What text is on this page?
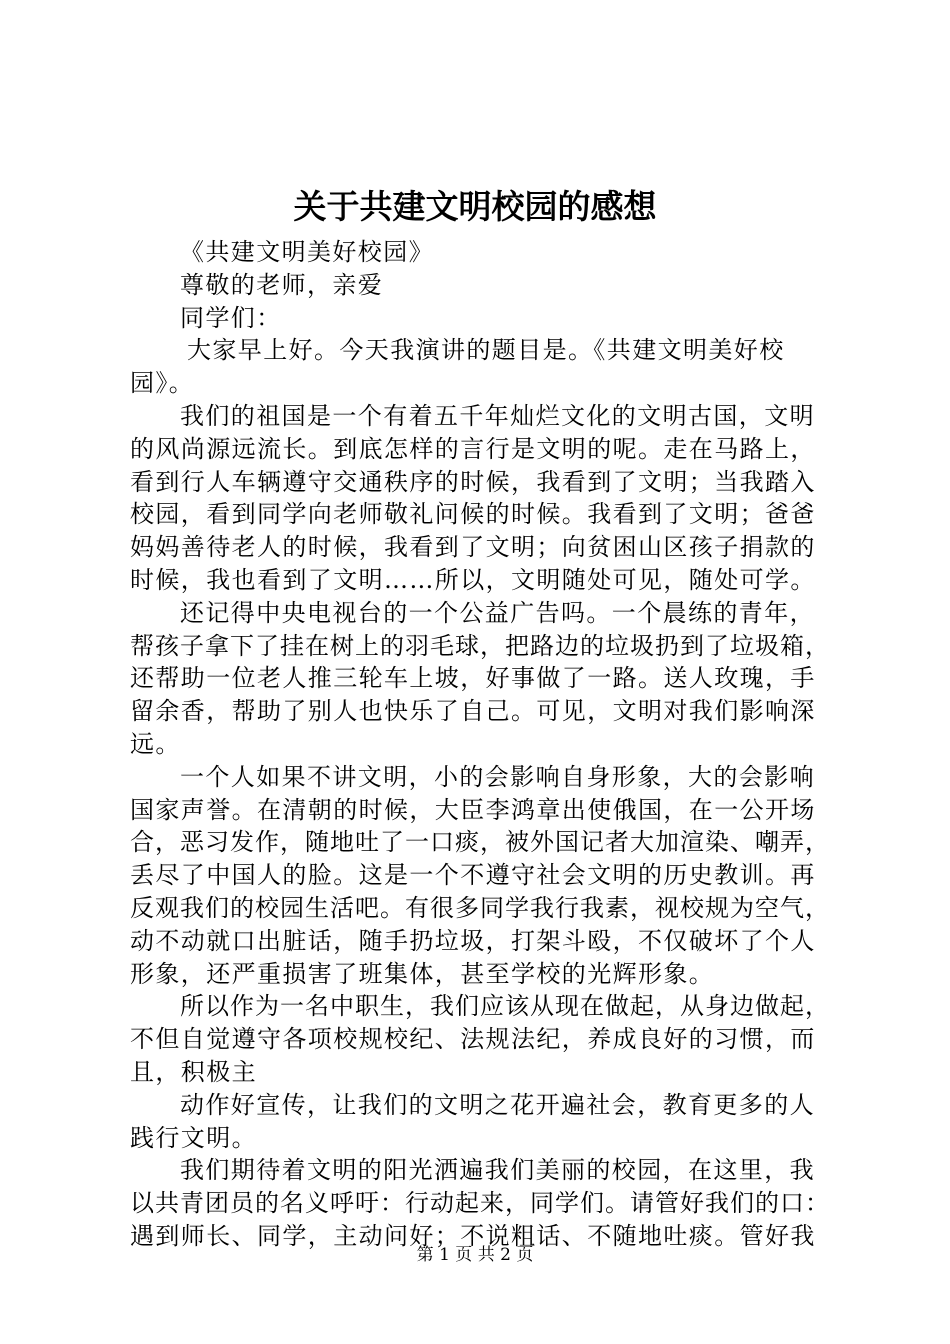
关于共建文明校园的感想
《共建文明美好校园》
尊敬的老师，亲爱
同学们：
大家早上好。今天我演讲的题目是。《共建文明美好校
园》。
我们的祖国是一个有着五千年灿烂文化的文明古国，文明
的风尚源远流长。到底怎样的言行是文明的呢。走在马路上，
看到行人车辆遵守交通秩序的时候，我看到了文明；当我踏入
校园，看到同学向老师敬礼问候的时候。我看到了文明；爸爸
妈妈善待老人的时候，我看到了文明；向贫困山区孩子捐款的
时候，我也看到了文明……所以，文明随处可见，随处可学。
还记得中央电视台的一个公益广告吗。一个晨练的青年，
帮孩子拿下了挂在树上的羽毛球，把路边的垃圾扔到了垃圾箱，
还帮助一位老人推三轮车上坡，好事做了一路。送人玫瑰，手
留余香，帮助了别人也快乐了自己。可见，文明对我们影响深
远。
一个人如果不讲文明，小的会影响自身形象，大的会影响
国家声誉。在清朝的时候，大臣李鸿章出使俄国，在一公开场
合，恶习发作，随地吐了一口痰，被外国记者大加渲染、嘲弄，
丢尽了中国人的脸。这是一个不遵守社会文明的历史教训。再
反观我们的校园生活吧。有很多同学我行我素，视校规为空气，
动不动就口出脏话，随手扔垃圾，打架斗殴，不仅破坏了个人
形象，还严重损害了班集体，甚至学校的光辉形象。
所以作为一名中职生，我们应该从现在做起，从身边做起，
不但自觉遵守各项校规校纪、法规法纪，养成良好的习惯，而
且，积极主
动作好宣传，让我们的文明之花开遍社会，教育更多的人
践行文明。
我们期待着文明的阳光洒遍我们美丽的校园，在这里，我
以共青团员的名义呼吁：行动起来，同学们。请管好我们的口：
遇到师长、同学，主动问好；不说粗话、不随地吐痰。管好我
第 1 页 共 2 页
